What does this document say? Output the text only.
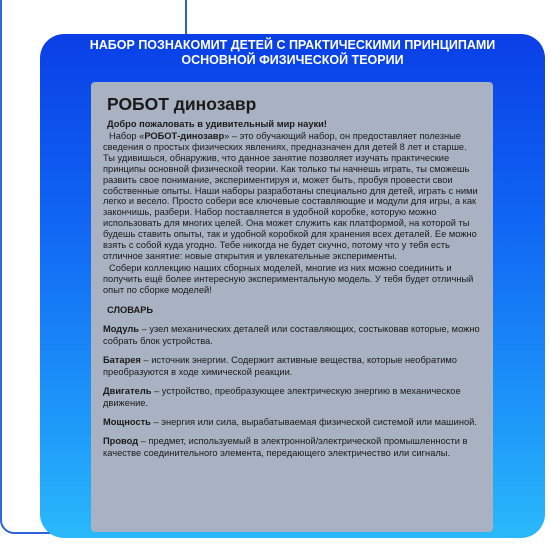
НАБОР ПОЗНАКОМИТ ДЕТЕЙ С ПРАКТИЧЕСКИМИ ПРИНЦИПАМИ
ОСНОВНОЙ ФИЗИЧЕСКОЙ ТЕОРИИ
РОБОТ динозавр
Добро пожаловать в удивительный мир науки!

Набор «РОБОТ-динозавр» – это обучающий набор, он предоставляет полезные сведения о простых физических явлениях, предназначен для детей 8 лет и старше. Ты удивишься, обнаружив, что данное занятие позволяет изучать практические принципы основной физической теории. Как только ты начнешь играть, ты сможешь развить свое понимание, экспериментируя и, может быть, пробуя провести свои собственные опыты. Наши наборы разработаны специально для детей, играть с ними легко и весело. Просто собери все ключевые составляющие и модули для игры, а как закончишь, разбери. Набор поставляется в удобной коробке, которую можно использовать для многих целей. Она может служить как платформой, на которой ты будешь ставить опыты, так и удобной коробкой для хранения всех деталей. Ее можно взять с собой куда угодно. Тебе никогда не будет скучно, потому что у тебя есть отличное занятие: новые открытия и увлекательные эксперименты.

Собери коллекцию наших сборных моделей, многие из них можно соединить и получить ещё более интересную экспериментальную модель. У тебя будет отличный опыт по сборке моделей!

СЛОВАРЬ
Модуль – узел механических деталей или составляющих, состыковав которые, можно собрать блок устройства.
Батарея – источник энергии. Содержит активные вещества, которые необратимо преобразуются в ходе химической реакции.
Двигатель – устройство, преобразующее электрическую энергию в механическое движение.
Мощность – энергия или сила, вырабатываемая физической системой или машиной.
Провод – предмет, используемый в электронной/электрической промышленности в качестве соединительного элемента, передающего электричество или сигналы.
